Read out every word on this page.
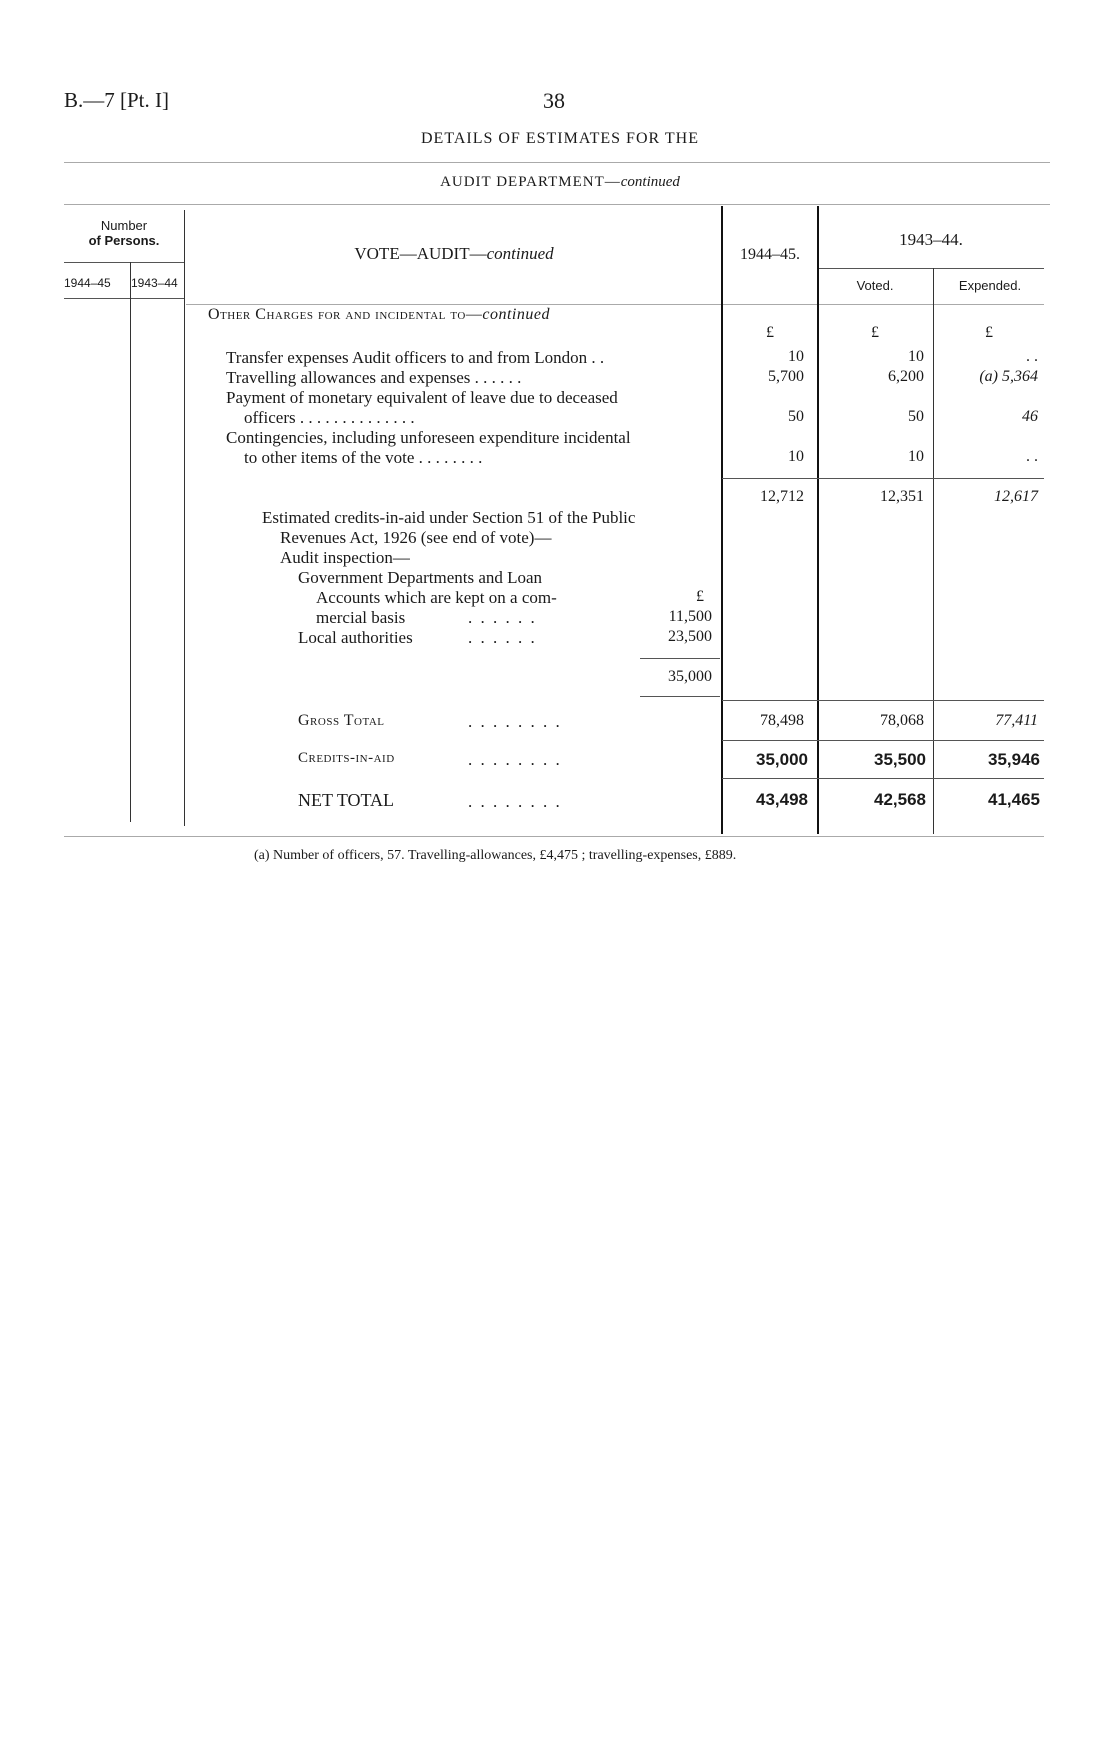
B.—7 [Pt. I]	38
DETAILS OF ESTIMATES FOR THE
AUDIT DEPARTMENT—continued
Number
of Persons.
1944–45 1943–44
VOTE—AUDIT—continued	1944–45.
1943–44.
Voted.	Expended.
Other Charges for and incidental to—continued
£	£	£
Transfer expenses Audit officers to and from London . .	10	10	. .
Travelling allowances and expenses . . . . . .	5,700	6,200	(a) 5,364
Payment of monetary equivalent of leave due to deceased
officers . . . . . . . . . . . . . .	50	50	46
Contingencies, including unforeseen expenditure incidental
to other items of the vote . . . . . . . .	10	10	. .
12,712	12,351	12,617
Estimated credits-in-aid under Section 51 of the Public
Revenues Act, 1926 (see end of vote)—
Audit inspection—
Government Departments and Loan
Accounts which are kept on a com-	£
mercial basis	. . . . . .	11,500
Local authorities	. . . . . .	23,500
35,000
Gross Total	. . . . . . . .	78,498	78,068	77,411
Credits-in-aid	. . . . . . . .	35,000	35,500	35,946
NET TOTAL	. . . . . . . .	43,498	42,568	41,465
(a) Number of officers, 57. Travelling-allowances, £4,475 ; travelling-expenses, £889.
